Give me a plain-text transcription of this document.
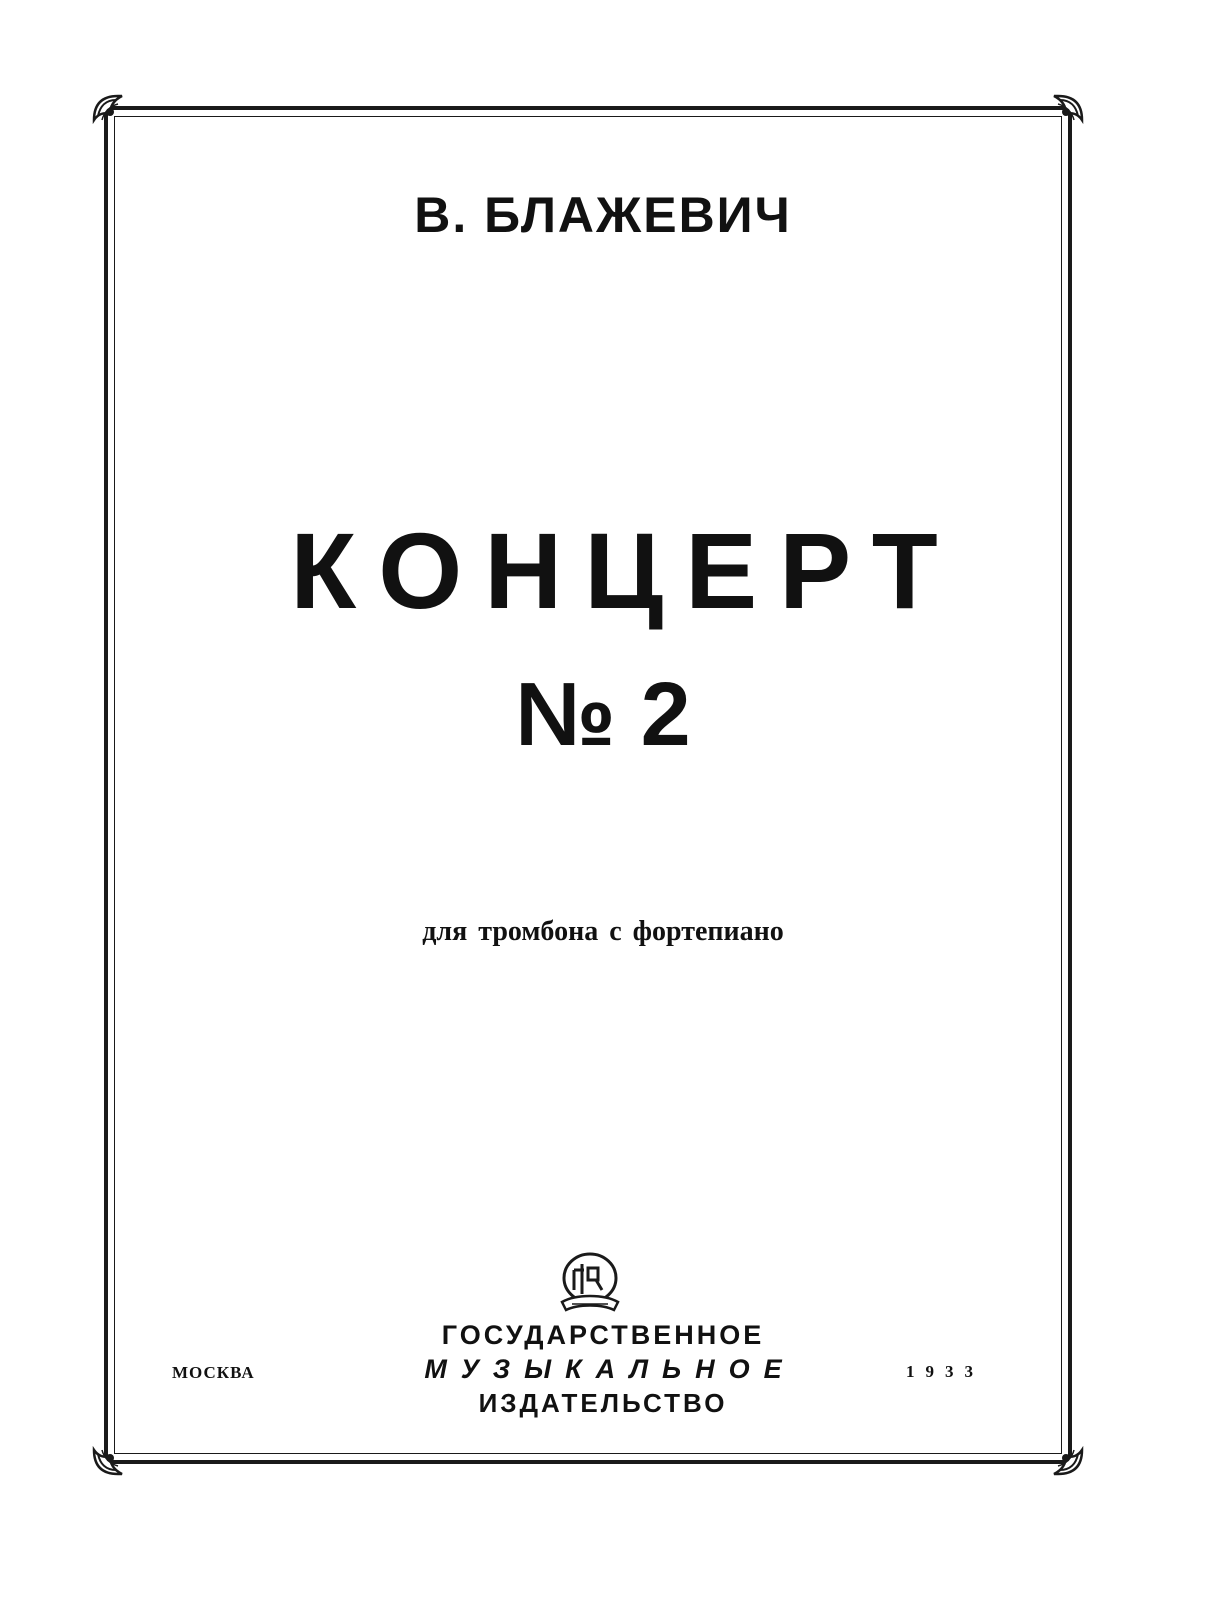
В. БЛАЖЕВИЧ
КОНЦЕРТ
№ 2
для тромбона с фортепиано
ГОСУДАРСТВЕННОЕ
МУЗЫКАЛЬНОЕ
ИЗДАТЕЛЬСТВО
МОСКВА	1933
